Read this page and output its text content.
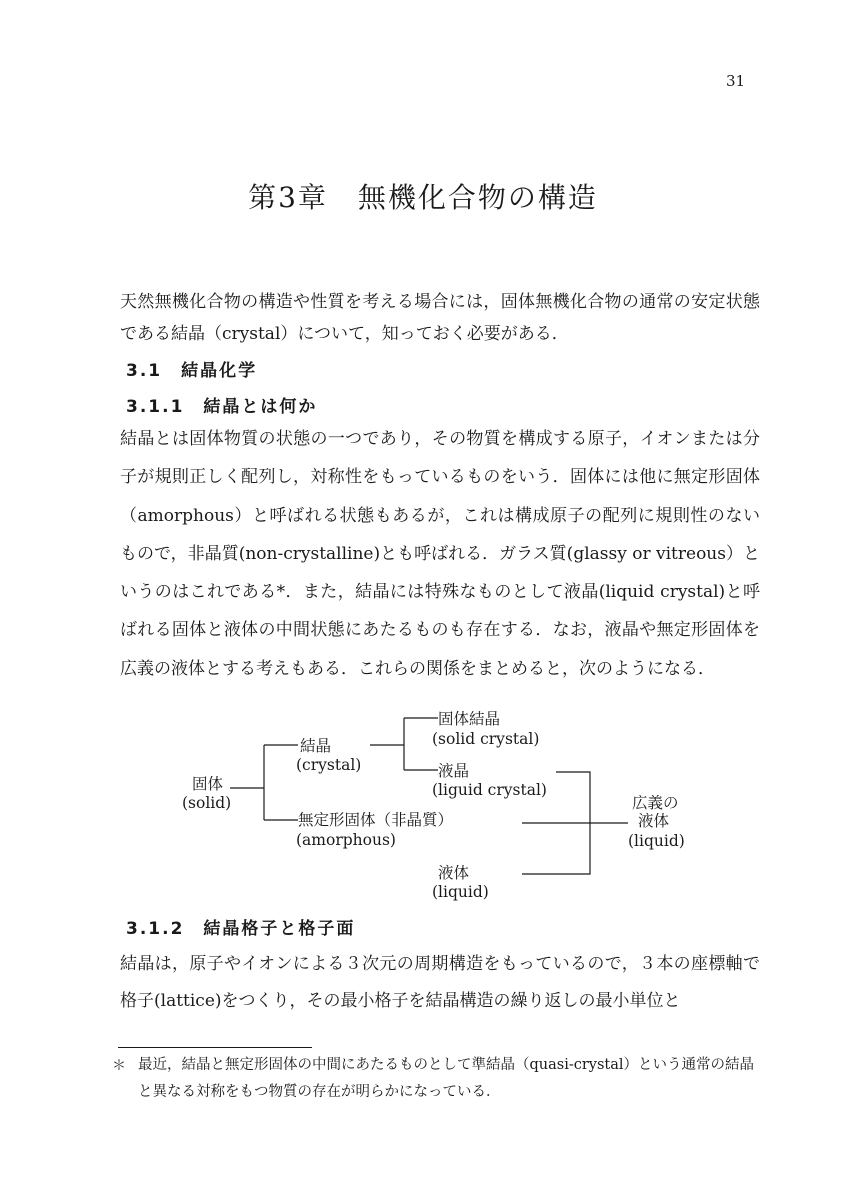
31
第3章　無機化合物の構造
天然無機化合物の構造や性質を考える場合には，固体無機化合物の通常の安定状態である結晶（crystal）について，知っておく必要がある．
3.1　結晶化学
3.1.1　結晶とは何か
結晶とは固体物質の状態の一つであり，その物質を構成する原子，イオンまたは分子が規則正しく配列し，対称性をもっているものをいう．固体には他に無定形固体（amorphous）と呼ばれる状態もあるが，これは構成原子の配列に規則性のないもので，非晶質(non-crystalline)とも呼ばれる．ガラス質(glassy or vitreous）というのはこれである*．また，結晶には特殊なものとして液晶(liquid crystal)と呼ばれる固体と液体の中間状態にあたるものも存在する．なお，液晶や無定形固体を広義の液体とする考えもある．これらの関係をまとめると，次のようになる．
固体
(solid)
結晶
(crystal)
固体結晶
(solid crystal)
液晶
(liguid crystal)
無定形固体（非晶質）
(amorphous)
液体
(liquid)
広義の
液体
(liquid)
3.1.2　結晶格子と格子面
結晶は，原子やイオンによる３次元の周期構造をもっているので，３本の座標軸で格子(lattice)をつくり，その最小格子を結晶構造の繰り返しの最小単位と
＊ 最近，結晶と無定形固体の中間にあたるものとして準結晶（quasi-crystal）という通常の結晶と異なる対称をもつ物質の存在が明らかになっている．
